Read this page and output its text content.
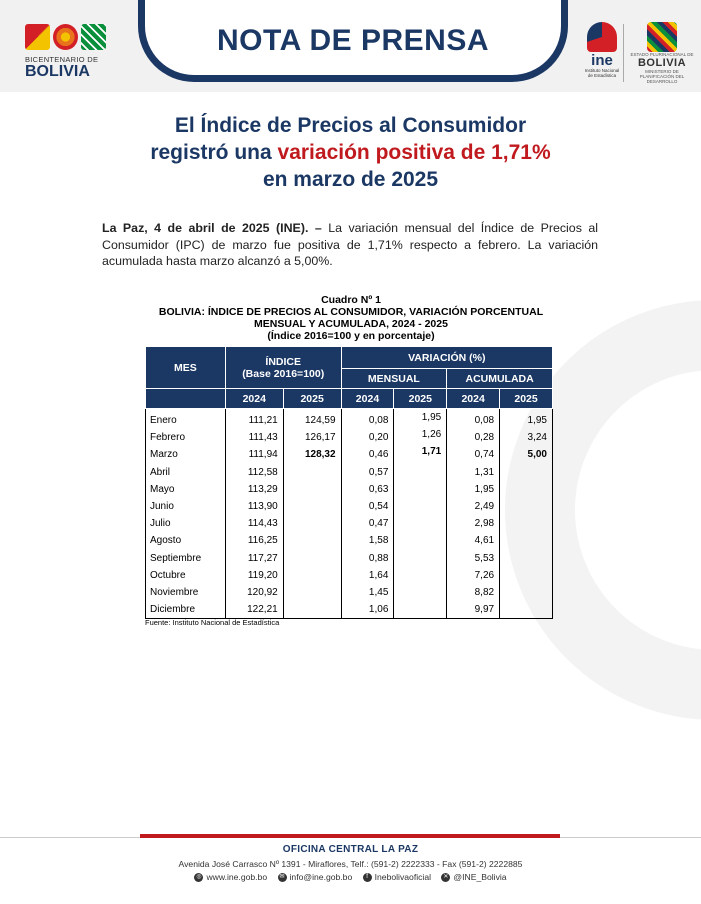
BICENTENARIO DE
BOLIVIA
NOTA DE PRENSA
ine
Instituto Nacional
de Estadística
ESTADO PLURINACIONAL DE
BOLIVIA
MINISTERIO DE
PLANIFICACIÓN DEL DESARROLLO
El Índice de Precios al Consumidor
registró una variación positiva de 1,71%
en marzo de 2025
La Paz, 4 de abril de 2025 (INE). – La variación mensual del Índice de Precios al Consumidor (IPC) de marzo fue positiva de 1,71% respecto a febrero. La variación acumulada hasta marzo alcanzó a 5,00%.
Cuadro Nº 1
BOLIVIA: ÍNDICE DE PRECIOS AL CONSUMIDOR, VARIACIÓN PORCENTUAL
MENSUAL Y ACUMULADA, 2024 - 2025
(Índice 2016=100 y en porcentaje)
MES	ÍNDICE
(Base 2016=100)		VARIACIÓN (%)			
			MENSUAL		ACUMULADA	
	2024	2025	2024	2025	2024	2025
Enero	111,21	124,59	0,08	1,95	0,08	1,95
Febrero	111,43	126,17	0,20	1,26	0,28	3,24
Marzo	111,94	128,32	0,46	1,71	0,74	5,00
Abril	112,58		0,57		1,31	
Mayo	113,29		0,63		1,95	
Junio	113,90		0,54		2,49	
Julio	114,43		0,47		2,98	
Agosto	116,25		1,58		4,61	
Septiembre	117,27		0,88		5,53	
Octubre	119,20		1,64		7,26	
Noviembre	120,92		1,45		8,82	
Diciembre	122,21		1,06		9,97	
Fuente: Instituto Nacional de Estadística
OFICINA CENTRAL LA PAZ
Avenida José Carrasco Nº 1391 - Miraflores, Telf.: (591-2) 2222333 - Fax (591-2) 2222885
◎ www.ine.gob.bo ✉ info@ine.gob.bo f Inebolivaoficial ✕ @INE_Bolivia
